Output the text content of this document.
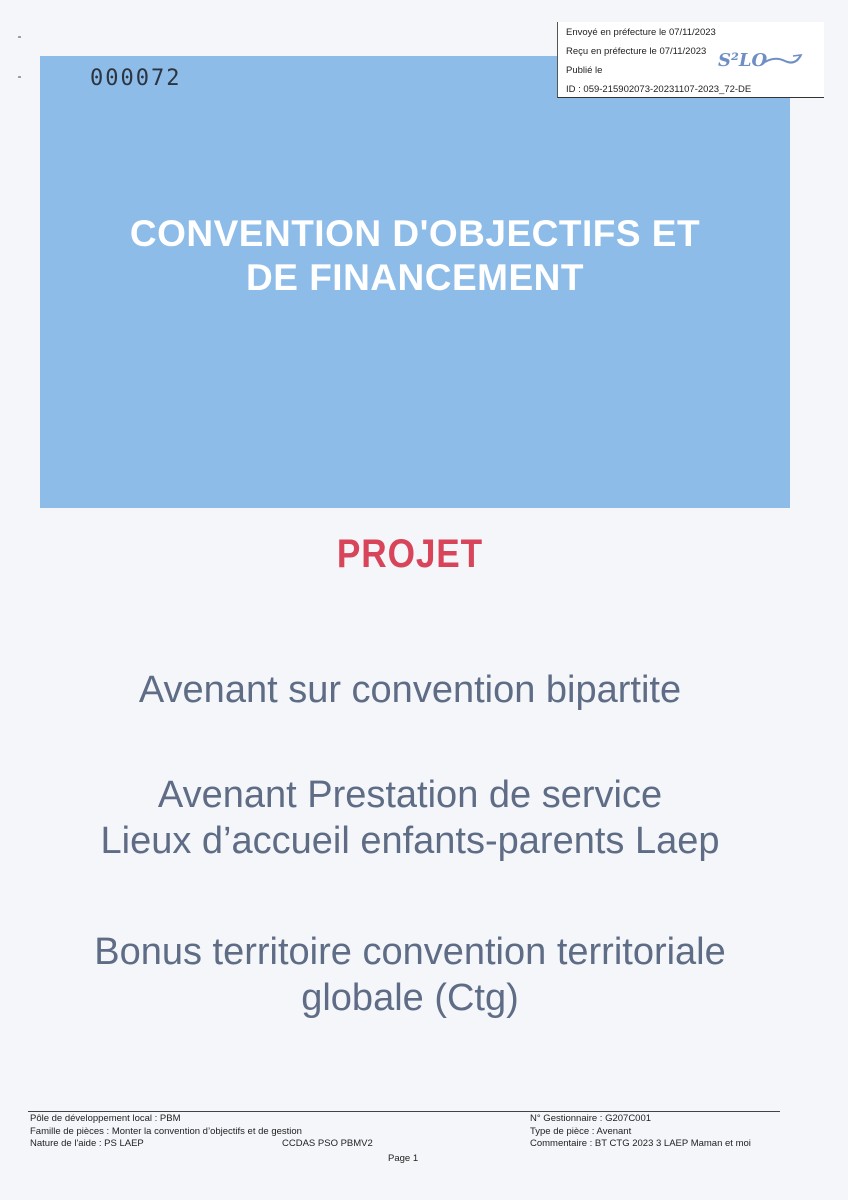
000072
CONVENTION D'OBJECTIFS ET
DE FINANCEMENT
Envoyé en préfecture le 07/11/2023
Reçu en préfecture le 07/11/2023
Publié le
ID : 059-215902073-20231107-2023_72-DE
S²LO
PROJET
Avenant sur convention bipartite
Avenant Prestation de service
Lieux d’accueil enfants-parents Laep
Bonus territoire convention territoriale
globale (Ctg)
Pôle de développement local : PBM
Famille de pièces : Monter la convention d’objectifs et de gestion
Nature de l'aide : PS LAEP	CCDAS PSO PBMV2
N° Gestionnaire : G207C001
Type de pièce : Avenant
Commentaire : BT CTG 2023 3 LAEP Maman et moi
Page 1
